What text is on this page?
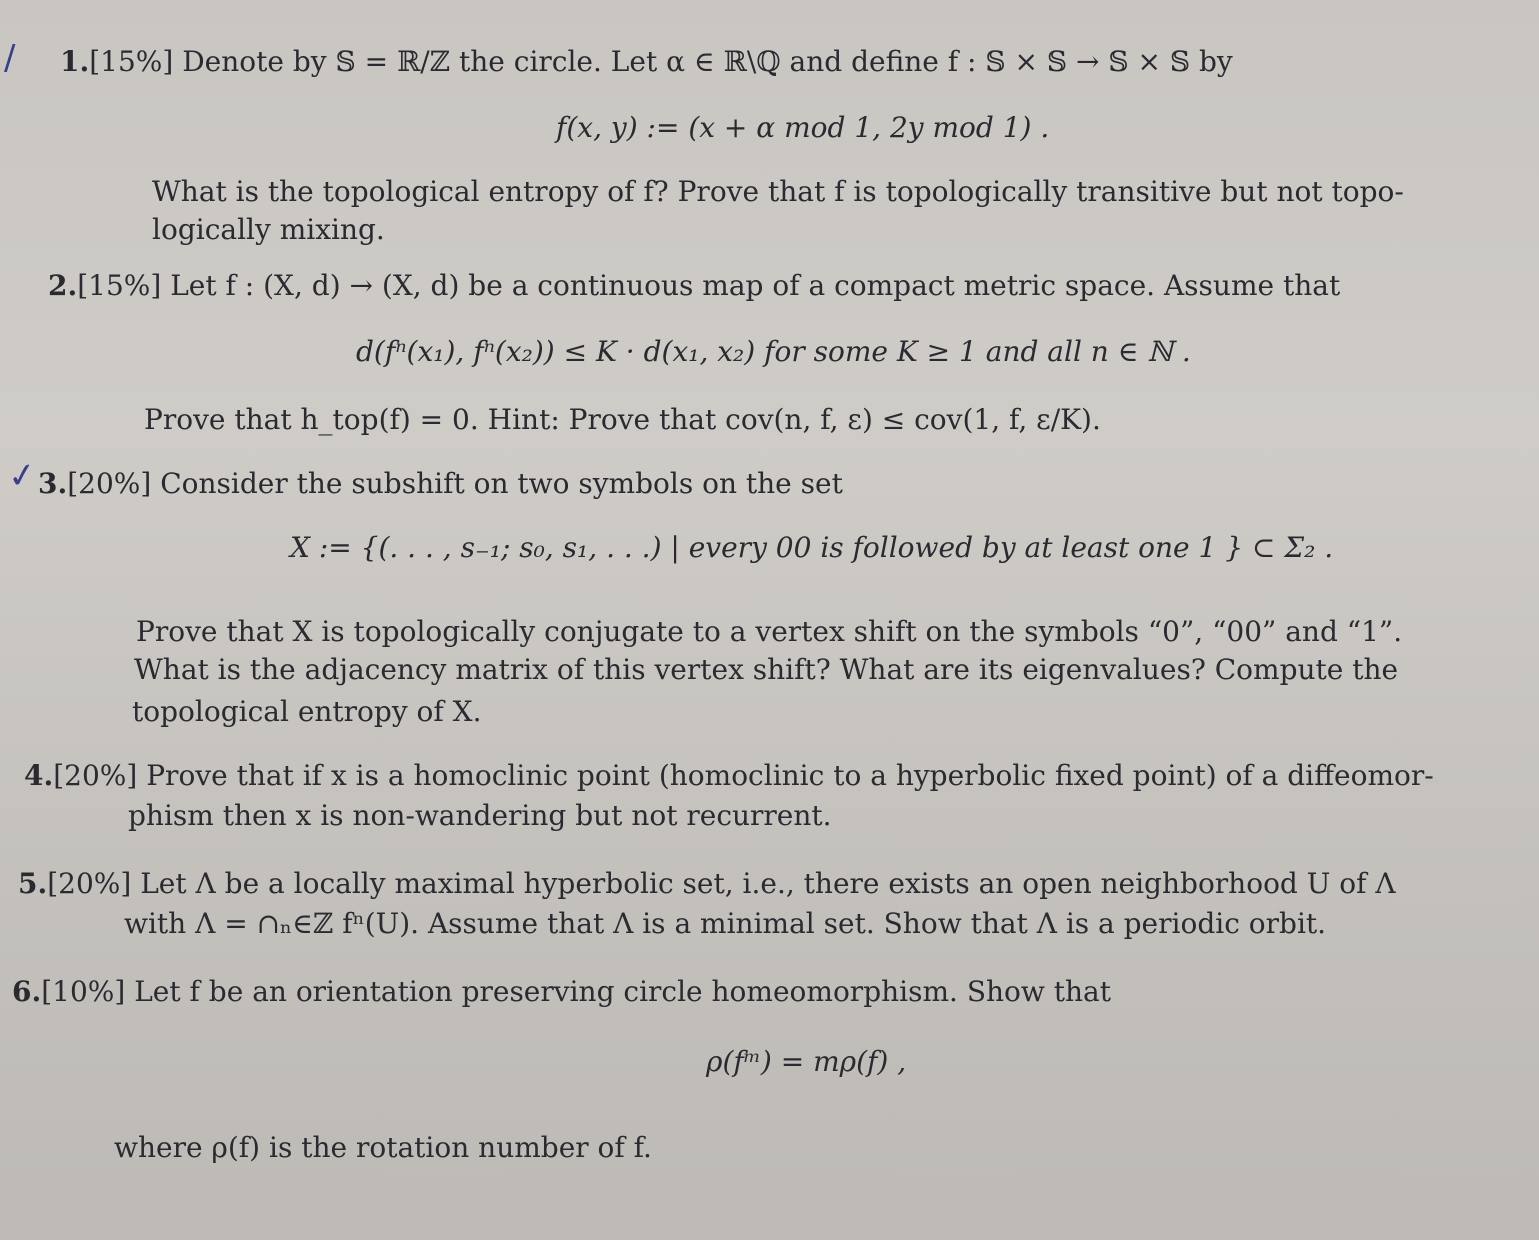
/
✓
1.[15%] Denote by 𝕊 = ℝ/ℤ the circle. Let α ∈ ℝ\ℚ and define f : 𝕊 × 𝕊 → 𝕊 × 𝕊 by
f(x, y) := (x + α mod 1, 2y mod 1) .
What is the topological entropy of f? Prove that f is topologically transitive but not topo-
logically mixing.
2.[15%] Let f : (X, d) → (X, d) be a continuous map of a compact metric space. Assume that
d(fⁿ(x₁), fⁿ(x₂)) ≤ K · d(x₁, x₂) for some K ≥ 1 and all n ∈ ℕ .
Prove that h_top(f) = 0. Hint: Prove that cov(n, f, ε) ≤ cov(1, f, ε/K).
3.[20%] Consider the subshift on two symbols on the set
X := {(. . . , s₋₁; s₀, s₁, . . .) | every 00 is followed by at least one 1 } ⊂ Σ₂ .
Prove that X is topologically conjugate to a vertex shift on the symbols “0”, “00” and “1”.
What is the adjacency matrix of this vertex shift? What are its eigenvalues? Compute the
topological entropy of X.
4.[20%] Prove that if x is a homoclinic point (homoclinic to a hyperbolic fixed point) of a diffeomor-
phism then x is non-wandering but not recurrent.
5.[20%] Let Λ be a locally maximal hyperbolic set, i.e., there exists an open neighborhood U of Λ
with Λ = ∩ₙ∈ℤ fⁿ(U). Assume that Λ is a minimal set. Show that Λ is a periodic orbit.
6.[10%] Let f be an orientation preserving circle homeomorphism. Show that
ρ(fᵐ) = mρ(f) ,
where ρ(f) is the rotation number of f.
